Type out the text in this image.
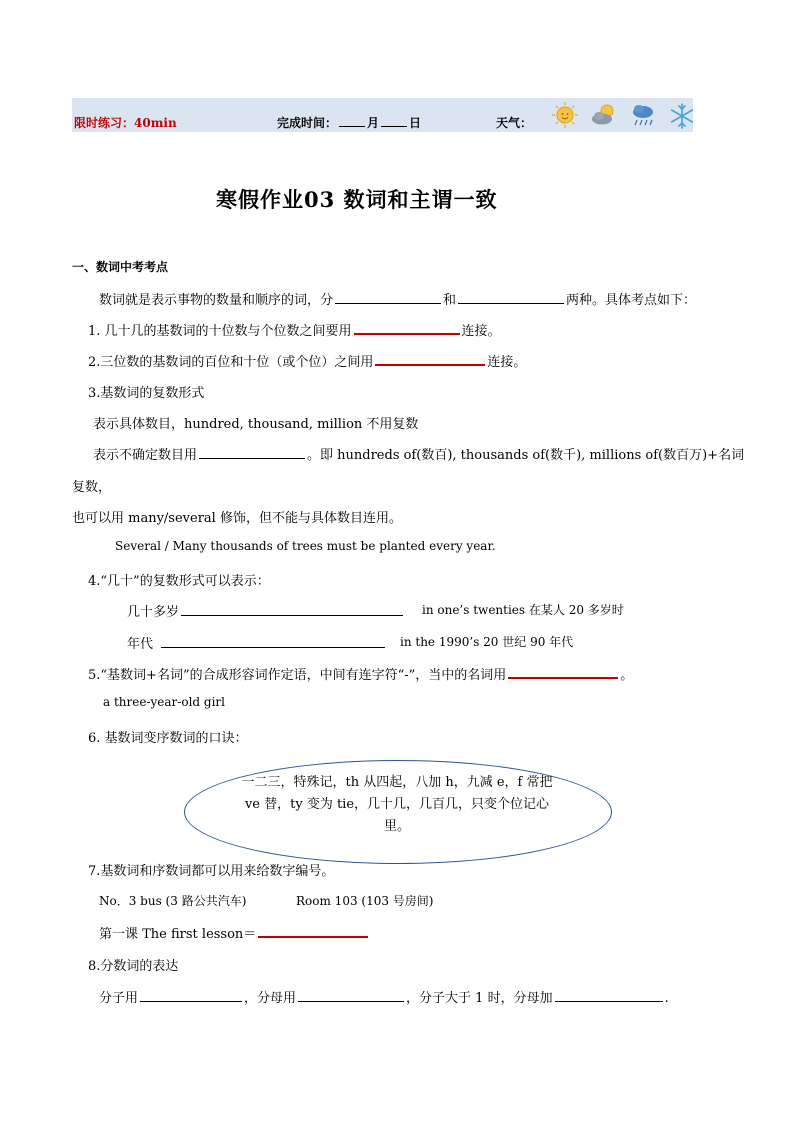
限时练习：40min	完成时间：	月	日	天气：
寒假作业03 数词和主谓一致
一、数词中考考点
数词就是表示事物的数量和顺序的词，分	和	两种。具体考点如下：
1. 几十几的基数词的十位数与个位数之间要用	连接。
2.三位数的基数词的百位和十位（或个位）之间用	连接。
3.基数词的复数形式
表示具体数目，hundred, thousand, million 不用复数
表示不确定数目用	。即 hundreds of(数百), thousands of(数千), millions of(数百万)+名词
复数，
也可以用 many/several 修饰，但不能与具体数目连用。
Several / Many thousands of trees must be planted every year.
4.“几十”的复数形式可以表示：
几十多岁	in one’s twenties 在某人 20 多岁时
年代	in the 1990’s 20 世纪 90 年代
5.“基数词+名词”的合成形容词作定语，中间有连字符“-”，当中的名词用	。
a three-year-old girl
6. 基数词变序数词的口诀：
一二三，特殊记，th 从四起，八加 h，九减 e，f 常把 ve 替，ty 变为 tie，几十几，几百几，只变个位记心里。
7.基数词和序数词都可以用来给数字编号。
No．3 bus (3 路公共汽车)	Room 103 (103 号房间)
第一课 The first lesson＝
8.分数词的表达
分子用	，分母用	，分子大于 1 时，分母加	.
